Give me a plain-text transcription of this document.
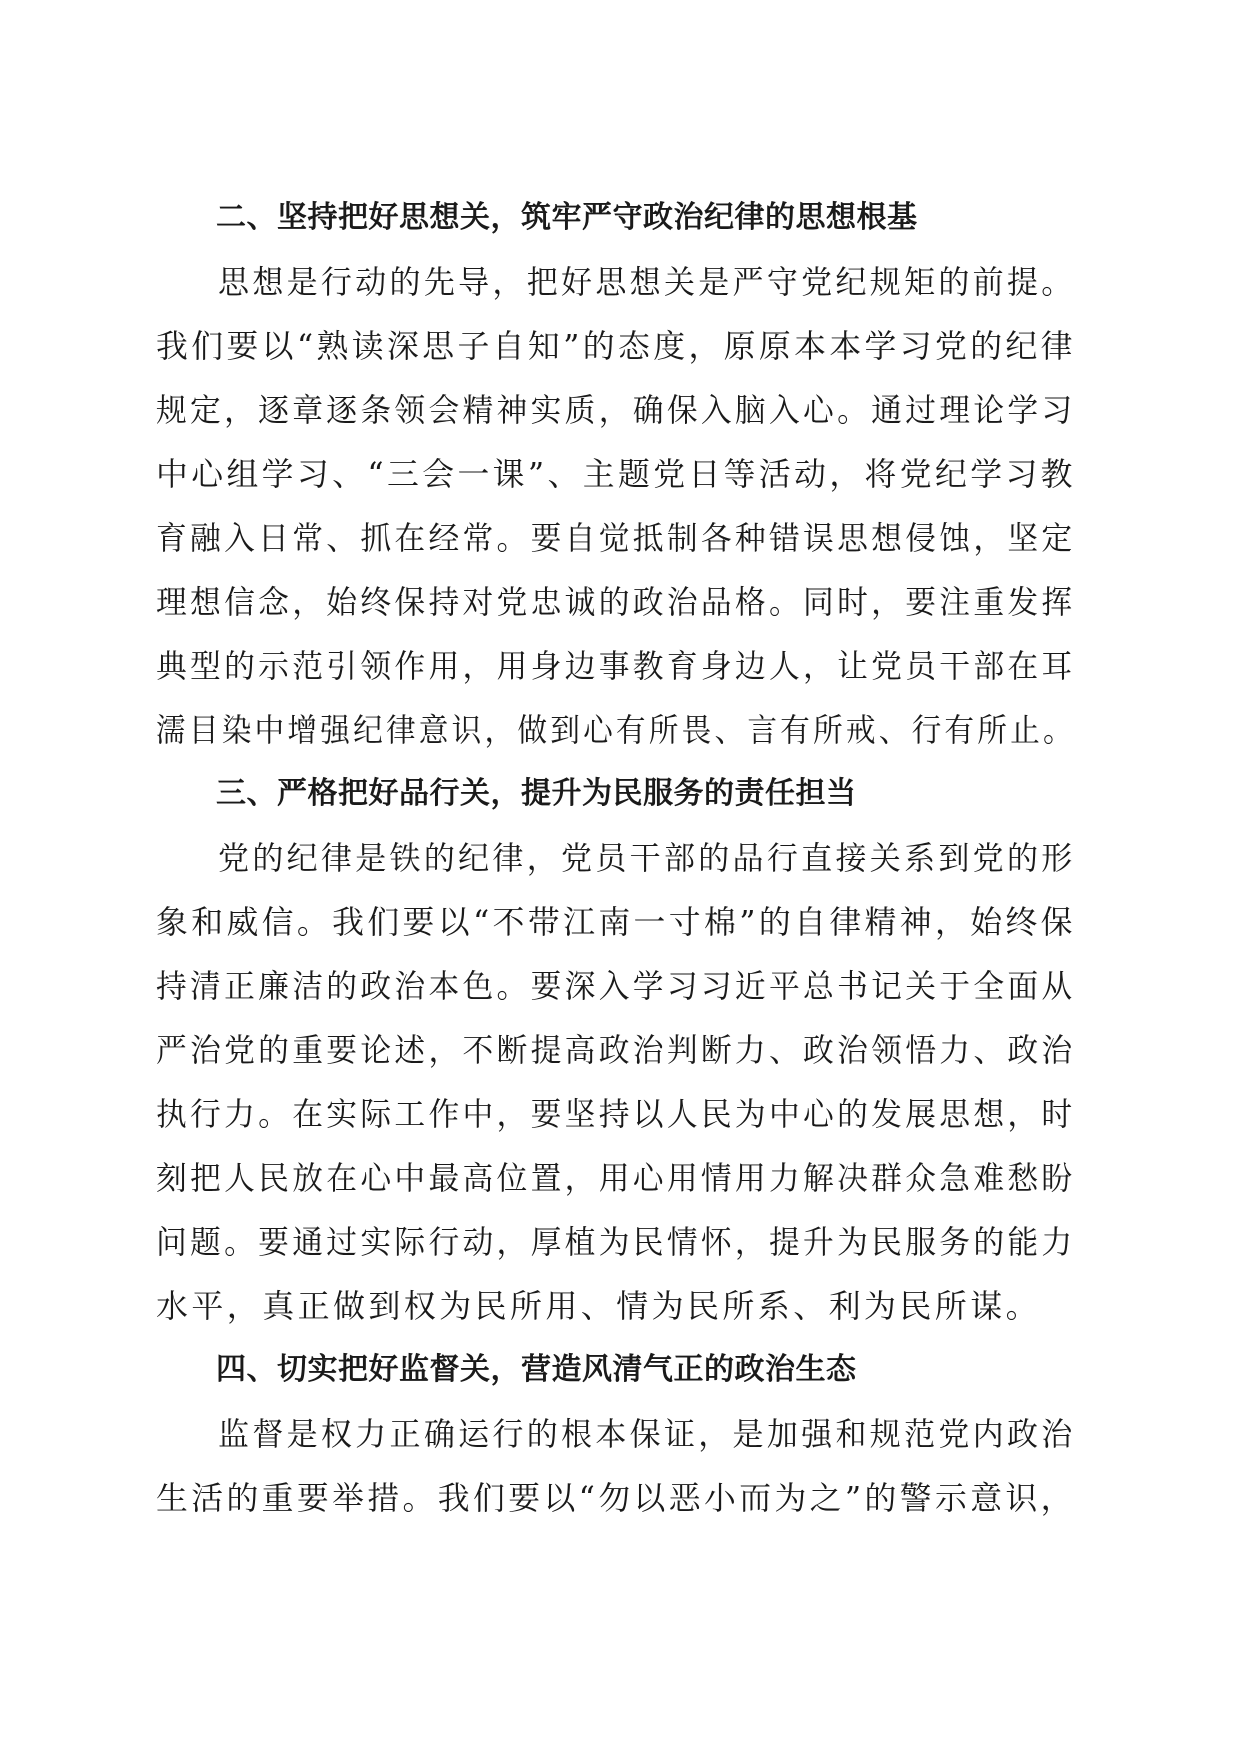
二、坚持把好思想关，筑牢严守政治纪律的思想根基

思想是行动的先导，把好思想关是严守党纪规矩的前提。
我们要以“熟读深思子自知”的态度，原原本本学习党的纪律
规定，逐章逐条领会精神实质，确保入脑入心。通过理论学习
中心组学习、“三会一课”、主题党日等活动，将党纪学习教
育融入日常、抓在经常。要自觉抵制各种错误思想侵蚀，坚定
理想信念，始终保持对党忠诚的政治品格。同时，要注重发挥
典型的示范引领作用，用身边事教育身边人，让党员干部在耳
濡目染中增强纪律意识，做到心有所畏、言有所戒、行有所止。

三、严格把好品行关，提升为民服务的责任担当

党的纪律是铁的纪律，党员干部的品行直接关系到党的形
象和威信。我们要以“不带江南一寸棉”的自律精神，始终保
持清正廉洁的政治本色。要深入学习习近平总书记关于全面从
严治党的重要论述，不断提高政治判断力、政治领悟力、政治
执行力。在实际工作中，要坚持以人民为中心的发展思想，时
刻把人民放在心中最高位置，用心用情用力解决群众急难愁盼
问题。要通过实际行动，厚植为民情怀，提升为民服务的能力
水平，真正做到权为民所用、情为民所系、利为民所谋。

四、切实把好监督关，营造风清气正的政治生态

监督是权力正确运行的根本保证，是加强和规范党内政治
生活的重要举措。我们要以“勿以恶小而为之”的警示意识，
